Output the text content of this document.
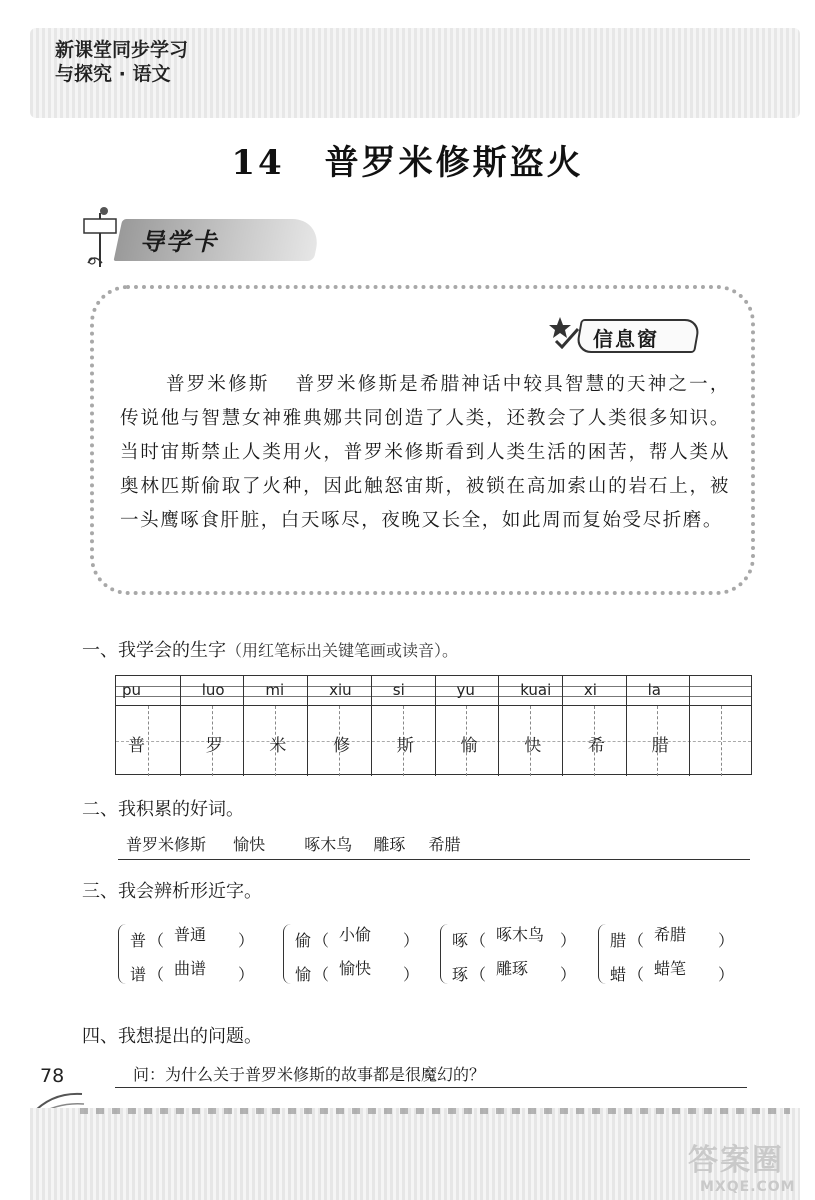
新课堂同步学习
与探究 · 语文
14 普罗米修斯盗火
导学卡
信息窗
普罗米修斯 普罗米修斯是希腊神话中较具智慧的天神之一，传说他与智慧女神雅典娜共同创造了人类，还教会了人类很多知识。当时宙斯禁止人类用火，普罗米修斯看到人类生活的困苦，帮人类从奥林匹斯偷取了火种，因此触怒宙斯，被锁在高加索山的岩石上，被一头鹰啄食肝脏，白天啄尽，夜晚又长全，如此周而复始受尽折磨。
一、我学会的生字（用红笔标出关键笔画或读音）。
pu
普
luo
罗
mi
米
xiu
修
si
斯
yu
愉
kuai
快
xi
希
la
腊
二、我积累的好词。
普罗米修斯 愉快 啄木鸟 雕琢 希腊
三、我会辨析形近字。
普 （ 普通 ）
谱 （ 曲谱 ）
偷 （ 小偷 ）
愉 （ 愉快 ）
啄 （ 啄木鸟 ）
琢 （ 雕琢 ）
腊 （ 希腊 ）
蜡 （ 蜡笔 ）
四、我想提出的问题。
问：为什么关于普罗米修斯的故事都是很魔幻的？
78
答案圈
MXQE.COM
